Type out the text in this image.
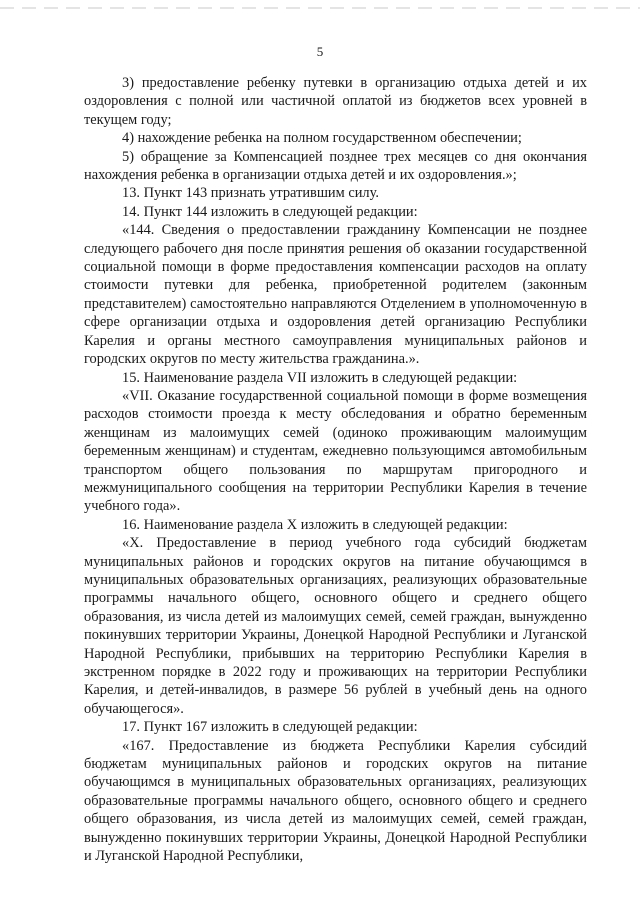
5

3) предоставление ребенку путевки в организацию отдыха детей и их оздоровления с полной или частичной оплатой из бюджетов всех уровней в текущем году;

4) нахождение ребенка на полном государственном обеспечении;

5) обращение за Компенсацией позднее трех месяцев со дня окончания нахождения ребенка в организации отдыха детей и их оздоровления.»;

13. Пункт 143 признать утратившим силу.

14. Пункт 144 изложить в следующей редакции:

«144. Сведения о предоставлении гражданину Компенсации не позднее следующего рабочего дня после принятия решения об оказании государственной социальной помощи в форме предоставления компенсации расходов на оплату стоимости путевки для ребенка, приобретенной родителем (законным представителем) самостоятельно направляются Отделением в уполномоченную в сфере организации отдыха и оздоровления детей организацию Республики Карелия и органы местного самоуправления муниципальных районов и городских округов по месту жительства гражданина.».

15. Наименование раздела VII изложить в следующей редакции:

«VII. Оказание государственной социальной помощи в форме возмещения расходов стоимости проезда к месту обследования и обратно беременным женщинам из малоимущих семей (одиноко проживающим малоимущим беременным женщинам) и студентам, ежедневно пользующимся автомобильным транспортом общего пользования по маршрутам пригородного и межмуниципального сообщения на территории Республики Карелия в течение учебного года».

16. Наименование раздела X изложить в следующей редакции:

«X. Предоставление в период учебного года субсидий бюджетам муниципальных районов и городских округов на питание обучающимся в муниципальных образовательных организациях, реализующих образовательные программы начального общего, основного общего и среднего общего образования, из числа детей из малоимущих семей, семей граждан, вынужденно покинувших территории Украины, Донецкой Народной Республики и Луганской Народной Республики, прибывших на территорию Республики Карелия в экстренном порядке в 2022 году и проживающих на территории Республики Карелия, и детей-инвалидов, в размере 56 рублей в учебный день на одного обучающегося».

17. Пункт 167 изложить в следующей редакции:

«167. Предоставление из бюджета Республики Карелия субсидий бюджетам муниципальных районов и городских округов на питание обучающимся в муниципальных образовательных организациях, реализующих образовательные программы начального общего, основного общего и среднего общего образования, из числа детей из малоимущих семей, семей граждан, вынужденно покинувших территории Украины, Донецкой Народной Республики и Луганской Народной Республики,
